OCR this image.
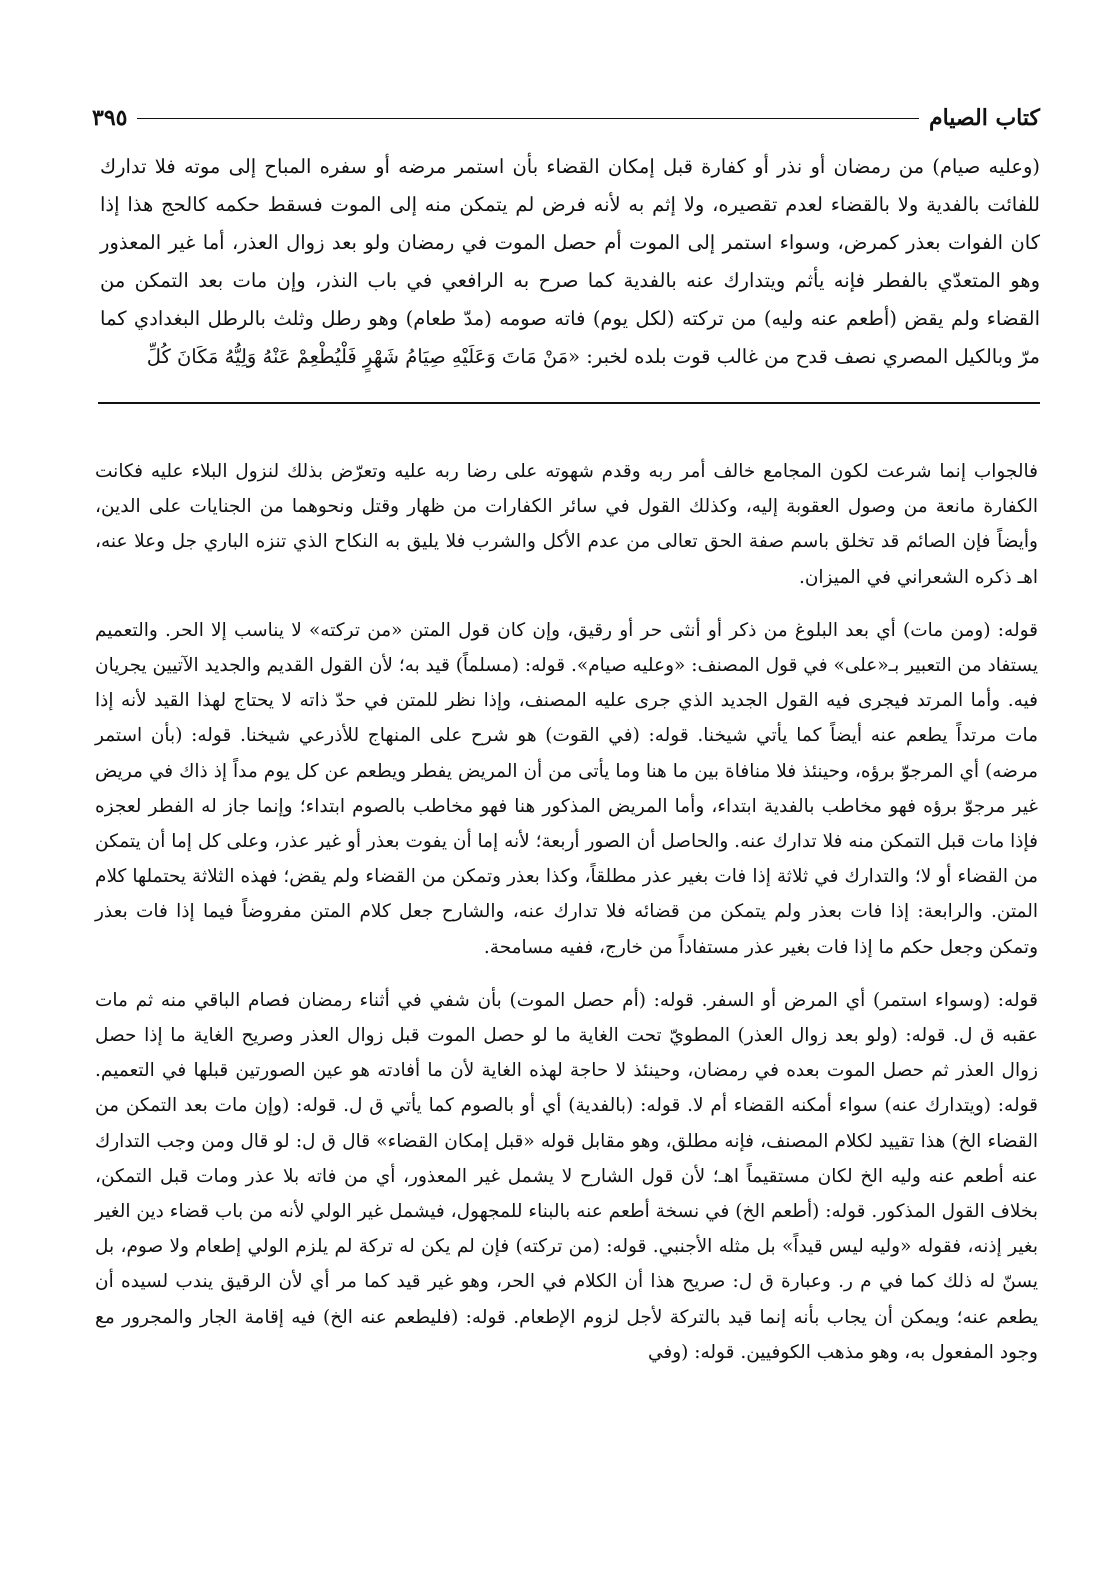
كتاب الصيام
٣٩٥

(وعليه صيام) من رمضان أو نذر أو كفارة قبل إمكان القضاء بأن استمر مرضه أو سفره المباح إلى موته فلا تدارك للفائت بالفدية ولا بالقضاء لعدم تقصيره، ولا إثم به لأنه فرض لم يتمكن منه إلى الموت فسقط حكمه كالحج هذا إذا كان الفوات بعذر كمرض، وسواء استمر إلى الموت أم حصل الموت في رمضان ولو بعد زوال العذر، أما غير المعذور وهو المتعدّي بالفطر فإنه يأثم ويتدارك عنه بالفدية كما صرح به الرافعي في باب النذر، وإن مات بعد التمكن من القضاء ولم يقض (أطعم عنه وليه) من تركته (لكل يوم) فاته صومه (مدّ طعام) وهو رطل وثلث بالرطل البغدادي كما مرّ وبالكيل المصري نصف قدح من غالب قوت بلده لخبر: «مَنْ مَاتَ وَعَلَيْهِ صِيَامُ شَهْرٍ فَلْيُطْعِمْ عَنْهُ وَلِيُّهُ مَكَانَ كُلِّ

فالجواب إنما شرعت لكون المجامع خالف أمر ربه وقدم شهوته على رضا ربه عليه وتعرّض بذلك لنزول البلاء عليه فكانت الكفارة مانعة من وصول العقوبة إليه، وكذلك القول في سائر الكفارات من ظهار وقتل ونحوهما من الجنايات على الدين، وأيضاً فإن الصائم قد تخلق باسم صفة الحق تعالى من عدم الأكل والشرب فلا يليق به النكاح الذي تنزه الباري جل وعلا عنه، اهـ ذكره الشعراني في الميزان.

قوله: (ومن مات) أي بعد البلوغ من ذكر أو أنثى حر أو رقيق، وإن كان قول المتن «من تركته» لا يناسب إلا الحر. والتعميم يستفاد من التعبير بـ«على» في قول المصنف: «وعليه صيام». قوله: (مسلماً) قيد به؛ لأن القول القديم والجديد الآتيين يجريان فيه. وأما المرتد فيجرى فيه القول الجديد الذي جرى عليه المصنف، وإذا نظر للمتن في حدّ ذاته لا يحتاج لهذا القيد لأنه إذا مات مرتداً يطعم عنه أيضاً كما يأتي شيخنا. قوله: (في القوت) هو شرح على المنهاج للأذرعي شيخنا. قوله: (بأن استمر مرضه) أي المرجوّ برؤه، وحينئذ فلا منافاة بين ما هنا وما يأتى من أن المريض يفطر ويطعم عن كل يوم مداً إذ ذاك في مريض غير مرجوّ برؤه فهو مخاطب بالفدية ابتداء، وأما المريض المذكور هنا فهو مخاطب بالصوم ابتداء؛ وإنما جاز له الفطر لعجزه فإذا مات قبل التمكن منه فلا تدارك عنه. والحاصل أن الصور أربعة؛ لأنه إما أن يفوت بعذر أو غير عذر، وعلى كل إما أن يتمكن من القضاء أو لا؛ والتدارك في ثلاثة إذا فات بغير عذر مطلقاً، وكذا بعذر وتمكن من القضاء ولم يقض؛ فهذه الثلاثة يحتملها كلام المتن. والرابعة: إذا فات بعذر ولم يتمكن من قضائه فلا تدارك عنه، والشارح جعل كلام المتن مفروضاً فيما إذا فات بعذر وتمكن وجعل حكم ما إذا فات بغير عذر مستفاداً من خارج، ففيه مسامحة.

قوله: (وسواء استمر) أي المرض أو السفر. قوله: (أم حصل الموت) بأن شفي في أثناء رمضان فصام الباقي منه ثم مات عقبه ق ل. قوله: (ولو بعد زوال العذر) المطويّ تحت الغاية ما لو حصل الموت قبل زوال العذر وصريح الغاية ما إذا حصل زوال العذر ثم حصل الموت بعده في رمضان، وحينئذ لا حاجة لهذه الغاية لأن ما أفادته هو عين الصورتين قبلها في التعميم. قوله: (ويتدارك عنه) سواء أمكنه القضاء أم لا. قوله: (بالفدية) أي أو بالصوم كما يأتي ق ل. قوله: (وإن مات بعد التمكن من القضاء الخ) هذا تقييد لكلام المصنف، فإنه مطلق، وهو مقابل قوله «قبل إمكان القضاء» قال ق ل: لو قال ومن وجب التدارك عنه أطعم عنه وليه الخ لكان مستقيماً اهـ؛ لأن قول الشارح لا يشمل غير المعذور، أي من فاته بلا عذر ومات قبل التمكن، بخلاف القول المذكور. قوله: (أطعم الخ) في نسخة أطعم عنه بالبناء للمجهول، فيشمل غير الولي لأنه من باب قضاء دين الغير بغير إذنه، فقوله «وليه ليس قيداً» بل مثله الأجنبي. قوله: (من تركته) فإن لم يكن له تركة لم يلزم الولي إطعام ولا صوم، بل يسنّ له ذلك كما في م ر. وعبارة ق ل: صريح هذا أن الكلام في الحر، وهو غير قيد كما مر أي لأن الرقيق يندب لسيده أن يطعم عنه؛ ويمكن أن يجاب بأنه إنما قيد بالتركة لأجل لزوم الإطعام. قوله: (فليطعم عنه الخ) فيه إقامة الجار والمجرور مع وجود المفعول به، وهو مذهب الكوفيين. قوله: (وفي
